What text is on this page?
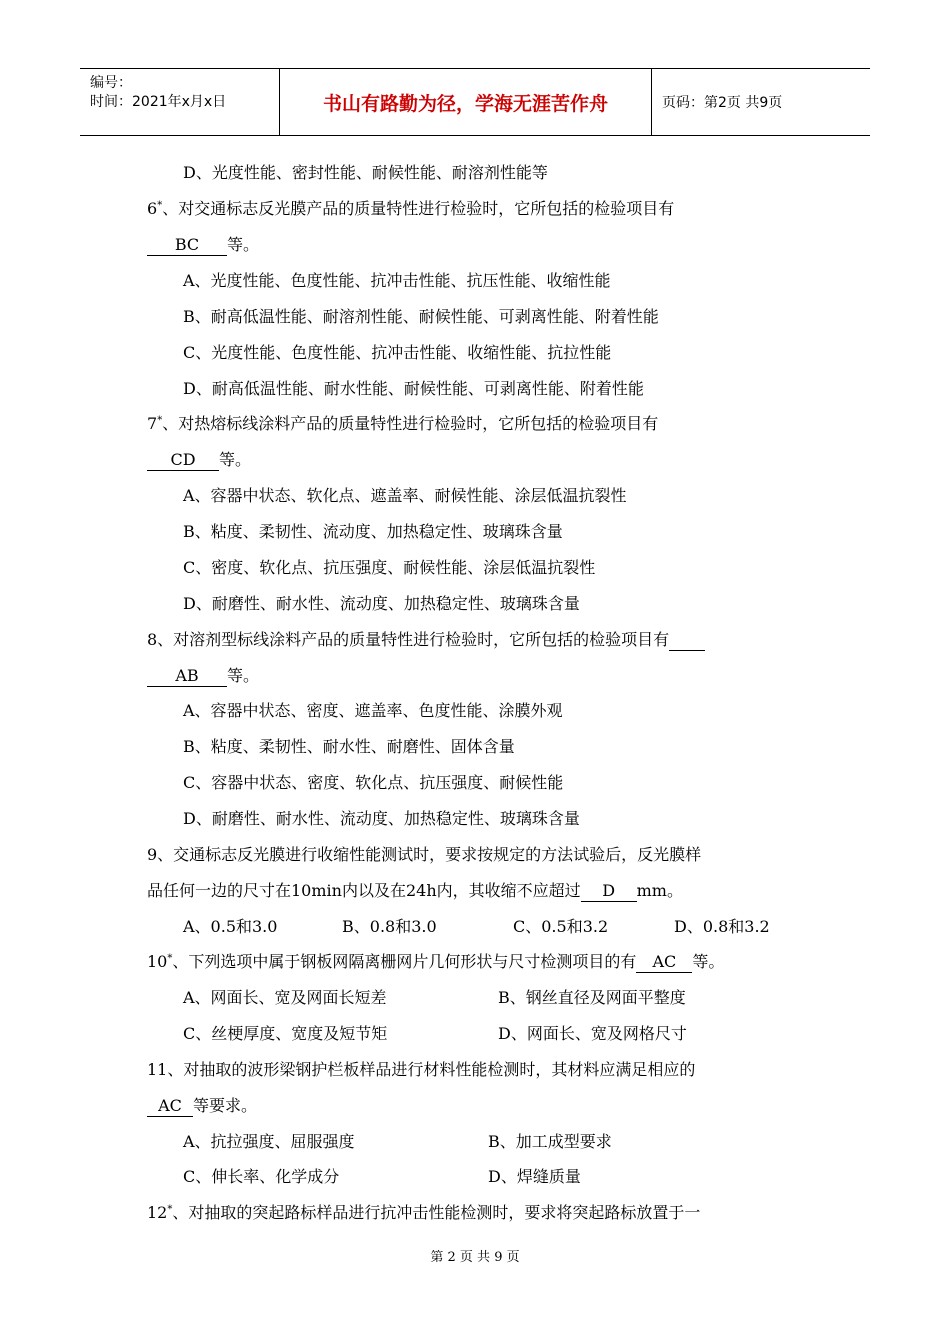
编号：
时间：2021年x月x日	书山有路勤为径，学海无涯苦作舟	页码：第2页 共9页
D、光度性能、密封性能、耐候性能、耐溶剂性能等
6*、对交通标志反光膜产品的质量特性进行检验时，它所包括的检验项目有
BC 等。
A、光度性能、色度性能、抗冲击性能、抗压性能、收缩性能
B、耐高低温性能、耐溶剂性能、耐候性能、可剥离性能、附着性能
C、光度性能、色度性能、抗冲击性能、收缩性能、抗拉性能
D、耐高低温性能、耐水性能、耐候性能、可剥离性能、附着性能
7*、对热熔标线涂料产品的质量特性进行检验时，它所包括的检验项目有
CD 等。
A、容器中状态、软化点、遮盖率、耐候性能、涂层低温抗裂性
B、粘度、柔韧性、流动度、加热稳定性、玻璃珠含量
C、密度、软化点、抗压强度、耐候性能、涂层低温抗裂性
D、耐磨性、耐水性、流动度、加热稳定性、玻璃珠含量
8、对溶剂型标线涂料产品的质量特性进行检验时，它所包括的检验项目有
AB 等。
A、容器中状态、密度、遮盖率、色度性能、涂膜外观
B、粘度、柔韧性、耐水性、耐磨性、固体含量
C、容器中状态、密度、软化点、抗压强度、耐候性能
D、耐磨性、耐水性、流动度、加热稳定性、玻璃珠含量
9、交通标志反光膜进行收缩性能测试时，要求按规定的方法试验后，反光膜样
品任何一边的尺寸在10min内以及在24h内，其收缩不应超过 D mm。
A、0.5和3.0	B、0.8和3.0	C、0.5和3.2	D、0.8和3.2
10*、下列选项中属于钢板网隔离栅网片几何形状与尺寸检测项目的有 AC 等。
A、网面长、宽及网面长短差	B、钢丝直径及网面平整度
C、丝梗厚度、宽度及短节矩	D、网面长、宽及网格尺寸
11、对抽取的波形梁钢护栏板样品进行材料性能检测时，其材料应满足相应的
AC 等要求。
A、抗拉强度、屈服强度	B、加工成型要求
C、伸长率、化学成分	D、焊缝质量
12*、对抽取的突起路标样品进行抗冲击性能检测时，要求将突起路标放置于一
第 2 页 共 9 页
